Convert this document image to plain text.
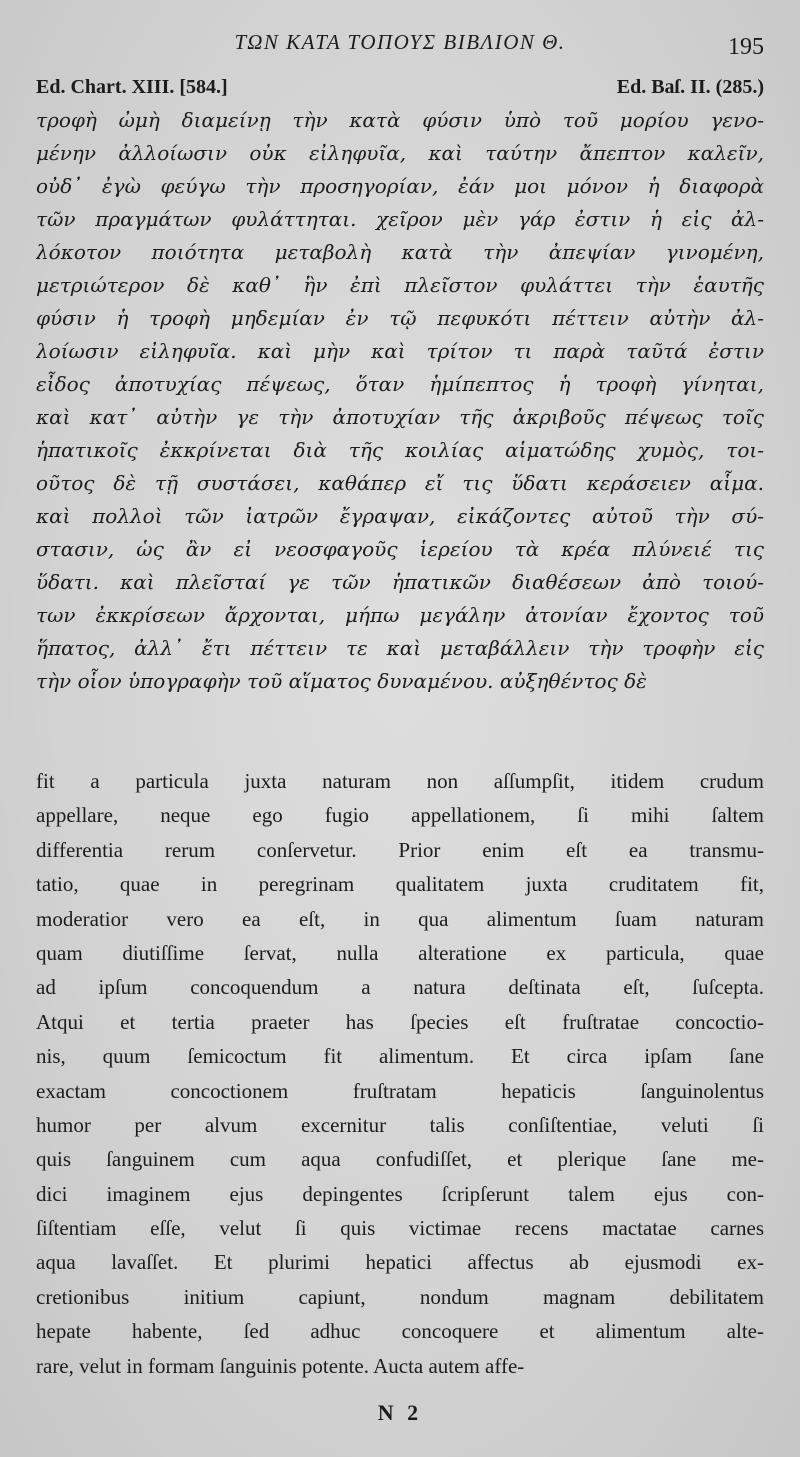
ΤΩΝ ΚΑΤΑ ΤΟΠΟΥΣ ΒΙΒΛΙΟΝ Θ.	195
Ed. Chart. XIII. [584.]	Ed. Baſ. II. (285.)
τροφὴ ὠμὴ διαμείνῃ τὴν κατὰ φύσιν ὑπὸ τοῦ μορίου γενο-
μένην ἀλλοίωσιν οὐκ εἰληφυῖα, καὶ ταύτην ἄπεπτον καλεῖν,
οὐδ᾽ ἐγὼ φεύγω τὴν προσηγορίαν, ἐάν μοι μόνον ἡ διαφορὰ
τῶν πραγμάτων φυλάττηται. χεῖρον μὲν γάρ ἐστιν ἡ εἰς ἀλ-
λόκοτον ποιότητα μεταβολὴ κατὰ τὴν ἀπεψίαν γινομένη,
μετριώτερον δὲ καθ᾽ ἣν ἐπὶ πλεῖστον φυλάττει τὴν ἑαυτῆς
φύσιν ἡ τροφὴ μηδεμίαν ἐν τῷ πεφυκότι πέττειν αὐτὴν ἀλ-
λοίωσιν εἰληφυῖα. καὶ μὴν καὶ τρίτον τι παρὰ ταῦτά ἐστιν
εἶδος ἀποτυχίας πέψεως, ὅταν ἡμίπεπτος ἡ τροφὴ γίνηται,
καὶ κατ᾽ αὐτὴν γε τὴν ἀποτυχίαν τῆς ἀκριβοῦς πέψεως τοῖς
ἡπατικοῖς ἐκκρίνεται διὰ τῆς κοιλίας αἱματώδης χυμὸς, τοι-
οῦτος δὲ τῇ συστάσει, καθάπερ εἴ τις ὕδατι κεράσειεν αἷμα.
καὶ πολλοὶ τῶν ἰατρῶν ἔγραψαν, εἰκάζοντες αὐτοῦ τὴν σύ-
στασιν, ὡς ἂν εἰ νεοσφαγοῦς ἱερείου τὰ κρέα πλύνειέ τις
ὕδατι. καὶ πλεῖσταί γε τῶν ἡπατικῶν διαθέσεων ἀπὸ τοιού-
των ἐκκρίσεων ἄρχονται, μήπω μεγάλην ἀτονίαν ἔχοντος τοῦ
ἥπατος, ἀλλ᾽ ἔτι πέττειν τε καὶ μεταβάλλειν τὴν τροφὴν εἰς
τὴν οἷον ὑπογραφὴν τοῦ αἵματος δυναμένου. αὐξηθέντος δὲ
fit a particula juxta naturam non aſſumpſit, itidem crudum
appellare, neque ego fugio appellationem, ſi mihi ſaltem
differentia rerum conſervetur. Prior enim eſt ea transmu-
tatio, quae in peregrinam qualitatem juxta cruditatem fit,
moderatior vero ea eſt, in qua alimentum ſuam naturam
quam diutiſſime ſervat, nulla alteratione ex particula, quae
ad ipſum concoquendum a natura deſtinata eſt, ſuſcepta.
Atqui et tertia praeter has ſpecies eſt fruſtratae concoctio-
nis, quum ſemicoctum fit alimentum. Et circa ipſam ſane
exactam concoctionem fruſtratam hepaticis ſanguinolentus
humor per alvum excernitur talis conſiſtentiae, veluti ſi
quis ſanguinem cum aqua confudiſſet, et plerique ſane me-
dici imaginem ejus depingentes ſcripſerunt talem ejus con-
ſiſtentiam eſſe, velut ſi quis victimae recens mactatae carnes
aqua lavaſſet. Et plurimi hepatici affectus ab ejusmodi ex-
cretionibus initium capiunt, nondum magnam debilitatem
hepate habente, ſed adhuc concoquere et alimentum alte-
rare, velut in formam ſanguinis potente. Aucta autem affe-
N 2
